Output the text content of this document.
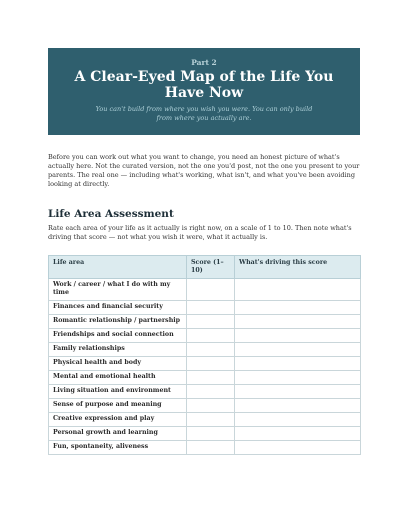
Part 2
A Clear-Eyed Map of the Life You Have Now
You can't build from where you wish you were. You can only build from where you actually are.

Before you can work out what you want to change, you need an honest picture of what's actually here. Not the curated version, not the one you'd post, not the one you present to your parents. The real one — including what's working, what isn't, and what you've been avoiding looking at directly.

Life Area Assessment

Rate each area of your life as it actually is right now, on a scale of 1 to 10. Then note what's driving that score — not what you wish it were, what it actually is.

Life area	Score (1–10)	What's driving this score
Work / career / what I do with my time		
Finances and financial security		
Romantic relationship / partnership		
Friendships and social connection		
Family relationships		
Physical health and body		
Mental and emotional health		
Living situation and environment		
Sense of purpose and meaning		
Creative expression and play		
Personal growth and learning		
Fun, spontaneity, aliveness		
